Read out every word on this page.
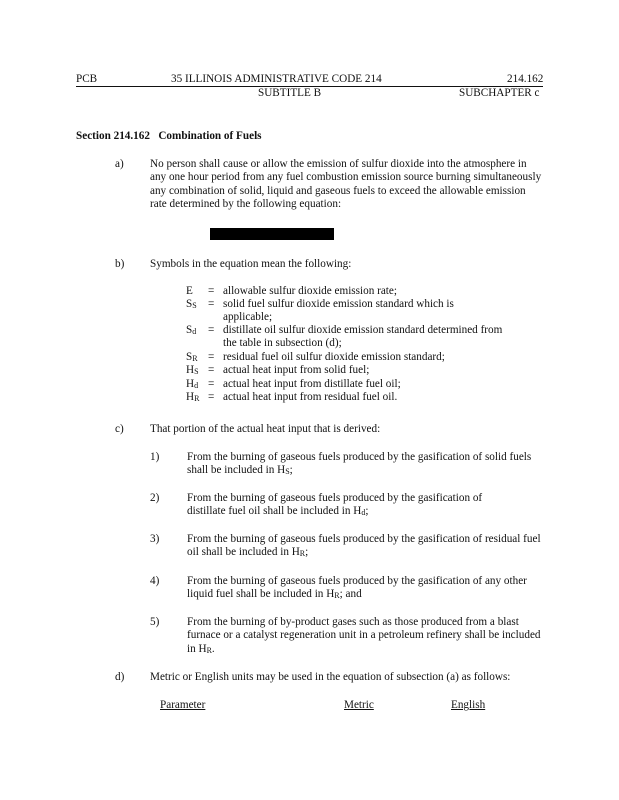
PCB	35 ILLINOIS ADMINISTRATIVE CODE 214	214.162
SUBTITLE B	SUBCHAPTER c
Section 214.162   Combination of Fuels
a) No person shall cause or allow the emission of sulfur dioxide into the atmosphere in any one hour period from any fuel combustion emission source burning simultaneously any combination of solid, liquid and gaseous fuels to exceed the allowable emission rate determined by the following equation:
b) Symbols in the equation mean the following:
E	= allowable sulfur dioxide emission rate;
$S_S$	= solid fuel sulfur dioxide emission standard which is applicable;
$S_d$	= distillate oil sulfur dioxide emission standard determined from the table in subsection (d);
$S_R$ = residual fuel oil sulfur dioxide emission standard;
$H_S$ = actual heat input from solid fuel;
$H_d$ = actual heat input from distillate fuel oil;
$H_R$ = actual heat input from residual fuel oil.
c) That portion of the actual heat input that is derived:
1) From the burning of gaseous fuels produced by the gasification of solid fuels shall be included in $H_S$;
2) From the burning of gaseous fuels produced by the gasification of distillate fuel oil shall be included in $H_d$;
3) From the burning of gaseous fuels produced by the gasification of residual fuel oil shall be included in $H_R$;
4) From the burning of gaseous fuels produced by the gasification of any other liquid fuel shall be included in $H_R$; and
5) From the burning of by-product gases such as those produced from a blast furnace or a catalyst regeneration unit in a petroleum refinery shall be included in $H_R$.
d) Metric or English units may be used in the equation of subsection (a) as follows:
Parameter	Metric	English
